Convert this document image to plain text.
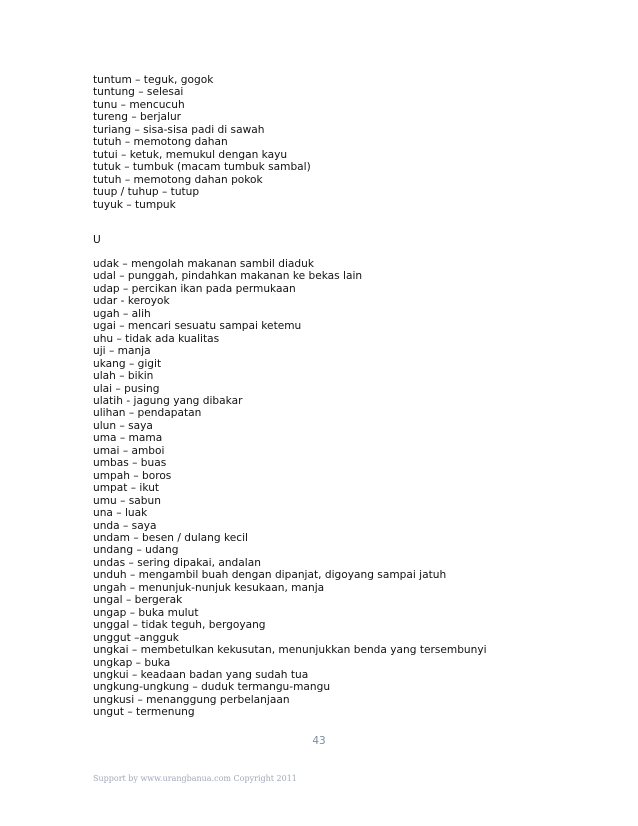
tuntum – teguk, gogok
tuntung – selesai
tunu – mencucuh
tureng – berjalur
turiang – sisa-sisa padi di sawah
tutuh – memotong dahan
tutui – ketuk, memukul dengan kayu
tutuk – tumbuk (macam tumbuk sambal)
tutuh – memotong dahan pokok
tuup / tuhup – tutup
tuyuk – tumpuk
U
udak – mengolah makanan sambil diaduk
udal – punggah, pindahkan makanan ke bekas lain
udap – percikan ikan pada permukaan
udar - keroyok
ugah – alih
ugai – mencari sesuatu sampai ketemu
uhu – tidak ada kualitas
uji – manja
ukang – gigit
ulah – bikin
ulai – pusing
ulatih - jagung yang dibakar
ulihan – pendapatan
ulun – saya
uma – mama
umai – amboi
umbas – buas
umpah – boros
umpat – ikut
umu – sabun
una – luak
unda – saya
undam – besen / dulang kecil
undang – udang
undas – sering dipakai, andalan
unduh – mengambil buah dengan dipanjat, digoyang sampai jatuh
ungah – menunjuk-nunjuk kesukaan, manja
ungal – bergerak
ungap – buka mulut
unggal – tidak teguh, bergoyang
unggut –angguk
ungkai – membetulkan kekusutan, menunjukkan benda yang tersembunyi
ungkap – buka
ungkui – keadaan badan yang sudah tua
ungkung-ungkung – duduk termangu-mangu
ungkusi – menanggung perbelanjaan
ungut – termenung
43
Support by www.urangbanua.com Copyright 2011
